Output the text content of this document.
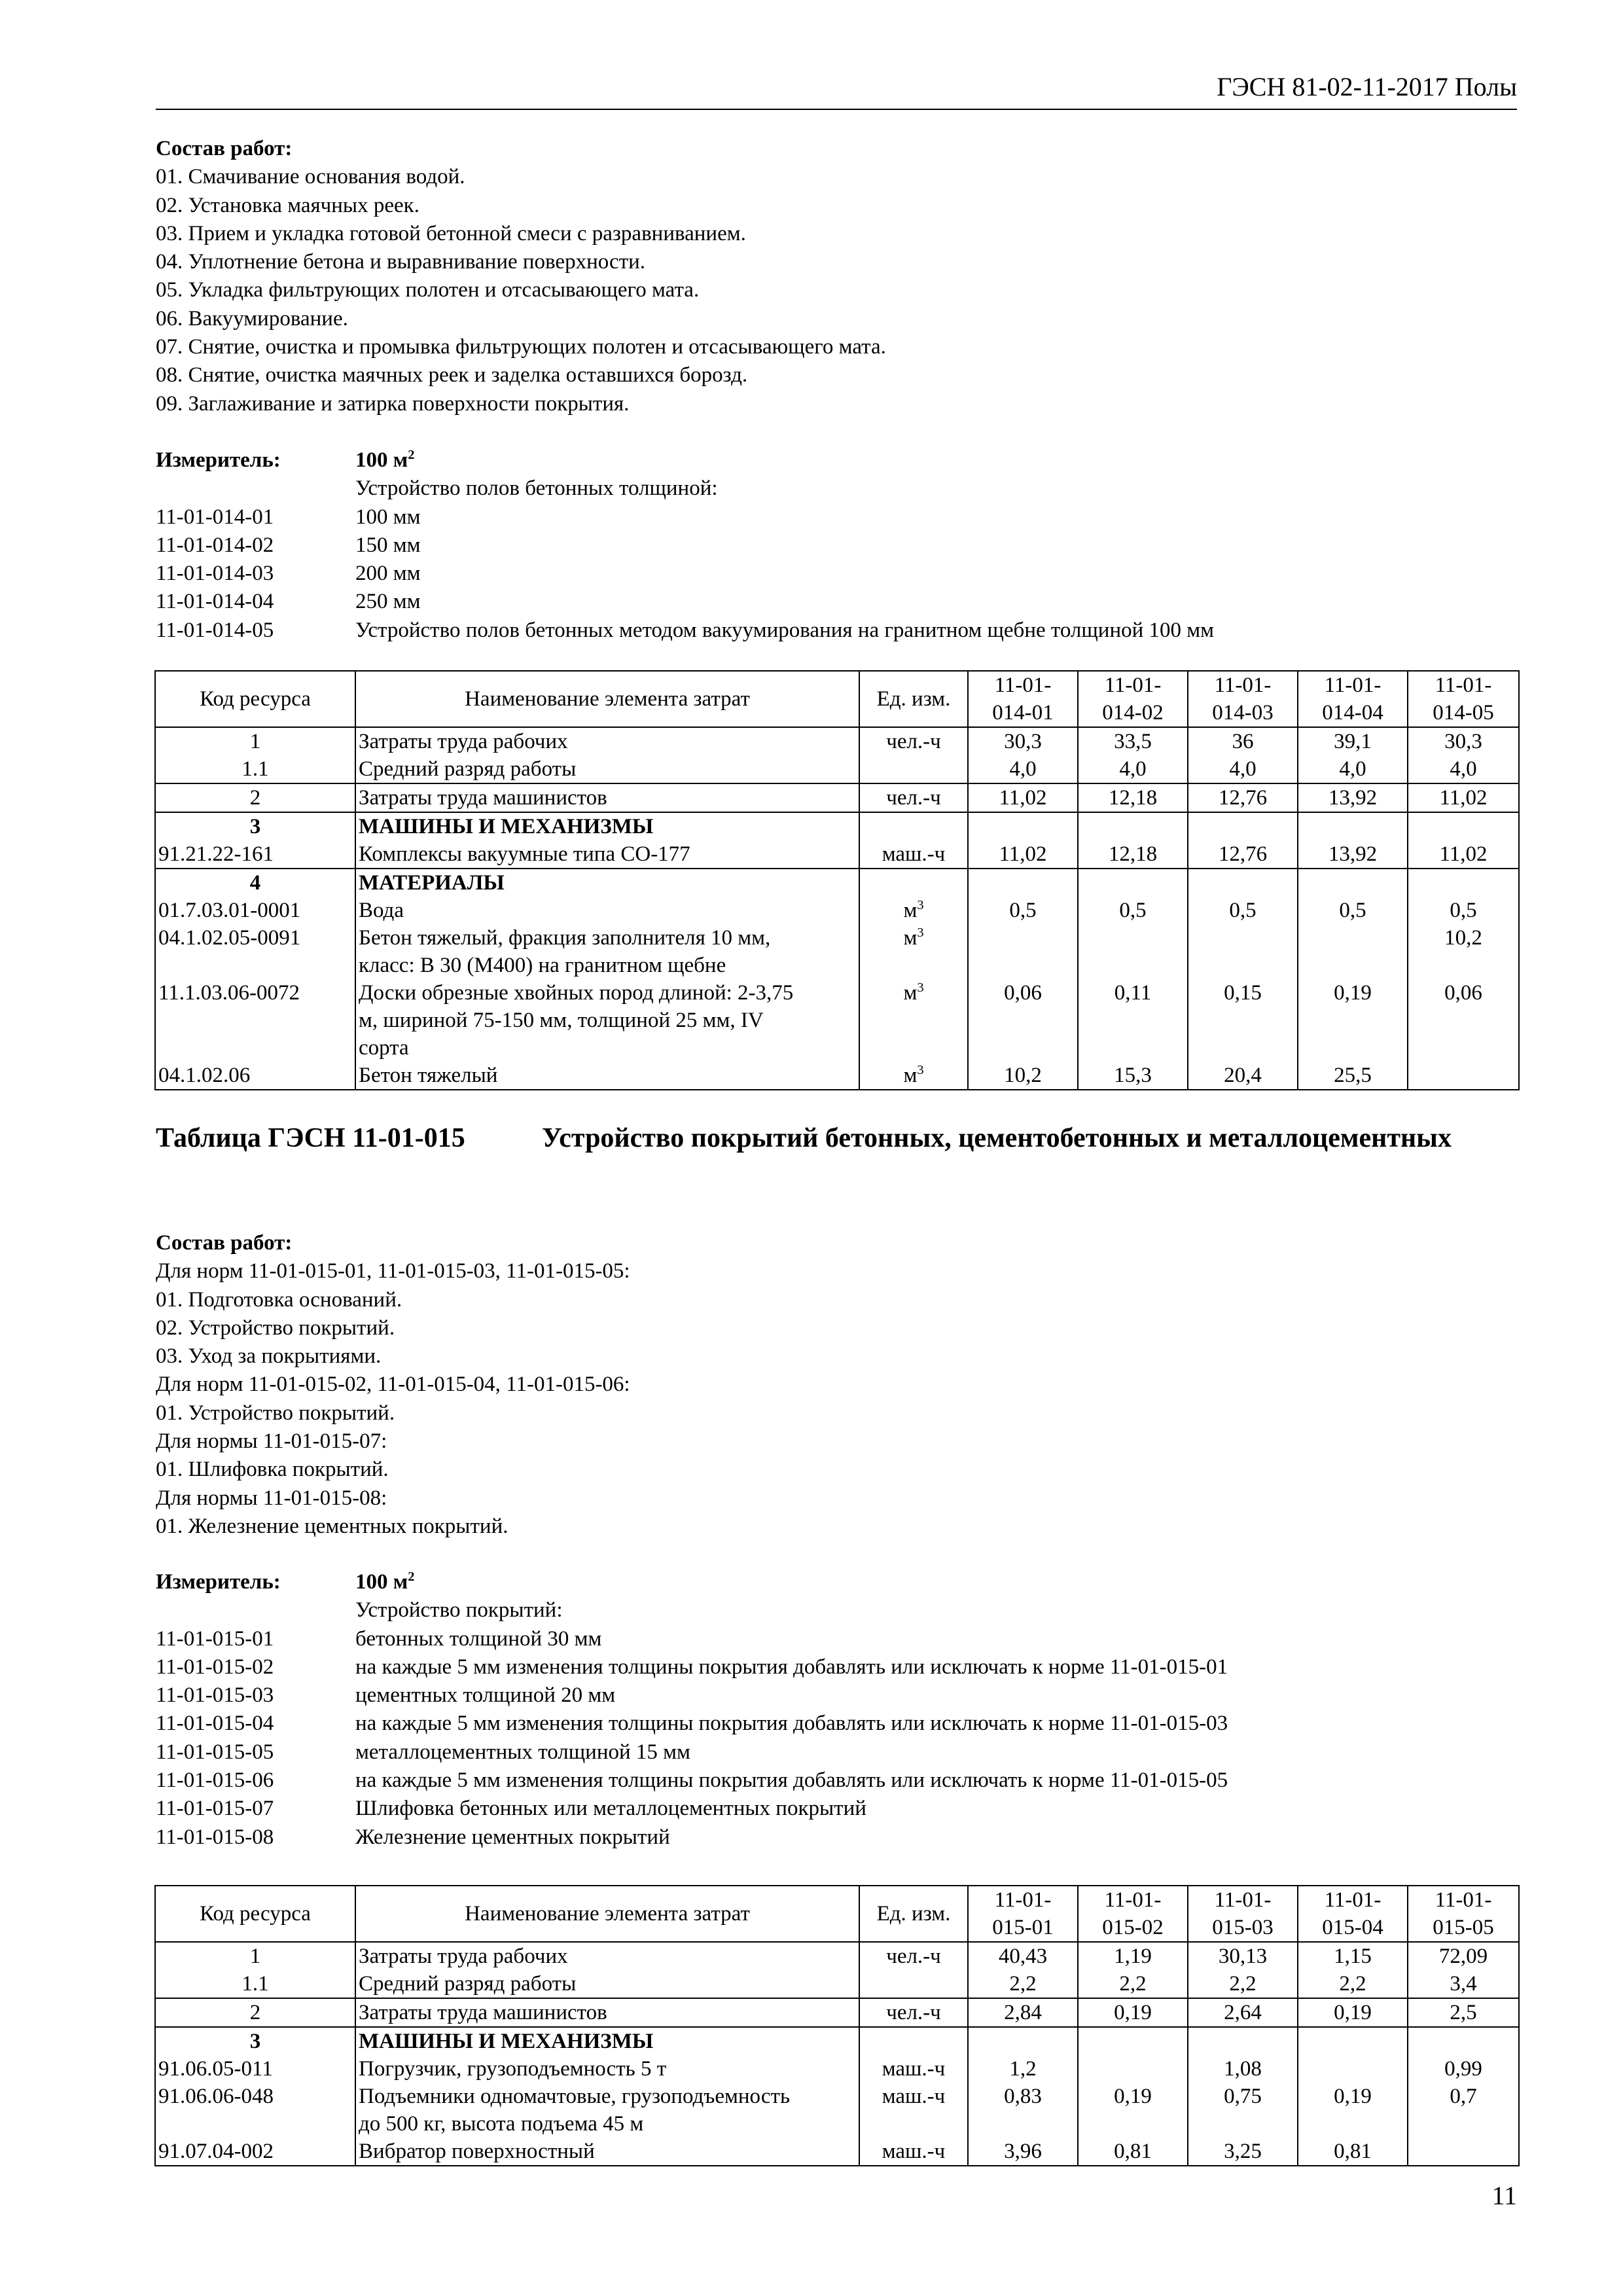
ГЭСН 81-02-11-2017 Полы
Состав работ:
01. Смачивание основания водой.
02. Установка маячных реек.
03. Прием и укладка готовой бетонной смеси с разравниванием.
04. Уплотнение бетона и выравнивание поверхности.
05. Укладка фильтрующих полотен и отсасывающего мата.
06. Вакуумирование.
07. Снятие, очистка и промывка фильтрующих полотен и отсасывающего мата.
08. Снятие, очистка маячных реек и заделка оставшихся борозд.
09. Заглаживание и затирка поверхности покрытия.
Измеритель:	100 $м^2$
Устройство полов бетонных толщиной:
11-01-014-01	100 мм
11-01-014-02	150 мм
11-01-014-03	200 мм
11-01-014-04	250 мм
11-01-014-05	Устройство полов бетонных методом вакуумирования на гранитном щебне толщиной 100 мм
Код ресурса	Наименование элемента затрат	Ед. изм.	11-01-
014-01	11-01-
014-02	11-01-
014-03	11-01-
014-04	11-01-
014-05
1	Затраты труда рабочих	чел.-ч	30,3	33,5	36	39,1	30,3
1.1	Средний разряд работы		4,0	4,0	4,0	4,0	4,0
2	Затраты труда машинистов	чел.-ч	11,02	12,18	12,76	13,92	11,02
3	МАШИНЫ И МЕХАНИЗМЫ						
91.21.22-161	Комплексы вакуумные типа СО-177	маш.-ч	11,02	12,18	12,76	13,92	11,02
4	МАТЕРИАЛЫ						
01.7.03.01-0001	Вода	$м^3$	0,5	0,5	0,5	0,5	0,5
04.1.02.05-0091	Бетон тяжелый, фракция заполнителя 10 мм,
класс: В 30 (М400) на гранитном щебне	$м^3$					10,2
11.1.03.06-0072	Доски обрезные хвойных пород длиной: 2-3,75
м, шириной 75-150 мм, толщиной 25 мм, IV
сорта	$м^3$	0,06	0,11	0,15	0,19	0,06
04.1.02.06	Бетон тяжелый	$м^3$	10,2	15,3	20,4	25,5	
Таблица ГЭСН 11-01-015	Устройство покрытий бетонных, цементобетонных и металлоцементных
Состав работ:
Для норм 11-01-015-01, 11-01-015-03, 11-01-015-05:
01. Подготовка оснований.
02. Устройство покрытий.
03. Уход за покрытиями.
Для норм 11-01-015-02, 11-01-015-04, 11-01-015-06:
01. Устройство покрытий.
Для нормы 11-01-015-07:
01. Шлифовка покрытий.
Для нормы 11-01-015-08:
01. Железнение цементных покрытий.
Измеритель:	100 $м^2$
Устройство покрытий:
11-01-015-01	бетонных толщиной 30 мм
11-01-015-02	на каждые 5 мм изменения толщины покрытия добавлять или исключать к норме 11-01-015-01
11-01-015-03	цементных толщиной 20 мм
11-01-015-04	на каждые 5 мм изменения толщины покрытия добавлять или исключать к норме 11-01-015-03
11-01-015-05	металлоцементных толщиной 15 мм
11-01-015-06	на каждые 5 мм изменения толщины покрытия добавлять или исключать к норме 11-01-015-05
11-01-015-07	Шлифовка бетонных или металлоцементных покрытий
11-01-015-08	Железнение цементных покрытий
Код ресурса	Наименование элемента затрат	Ед. изм.	11-01-
015-01	11-01-
015-02	11-01-
015-03	11-01-
015-04	11-01-
015-05
1	Затраты труда рабочих	чел.-ч	40,43	1,19	30,13	1,15	72,09
1.1	Средний разряд работы		2,2	2,2	2,2	2,2	3,4
2	Затраты труда машинистов	чел.-ч	2,84	0,19	2,64	0,19	2,5
3	МАШИНЫ И МЕХАНИЗМЫ						
91.06.05-011	Погрузчик, грузоподъемность 5 т	маш.-ч	1,2		1,08		0,99
91.06.06-048	Подъемники одномачтовые, грузоподъемность
до 500 кг, высота подъема 45 м	маш.-ч	0,83	0,19	0,75	0,19	0,7
91.07.04-002	Вибратор поверхностный	маш.-ч	3,96	0,81	3,25	0,81	
11
